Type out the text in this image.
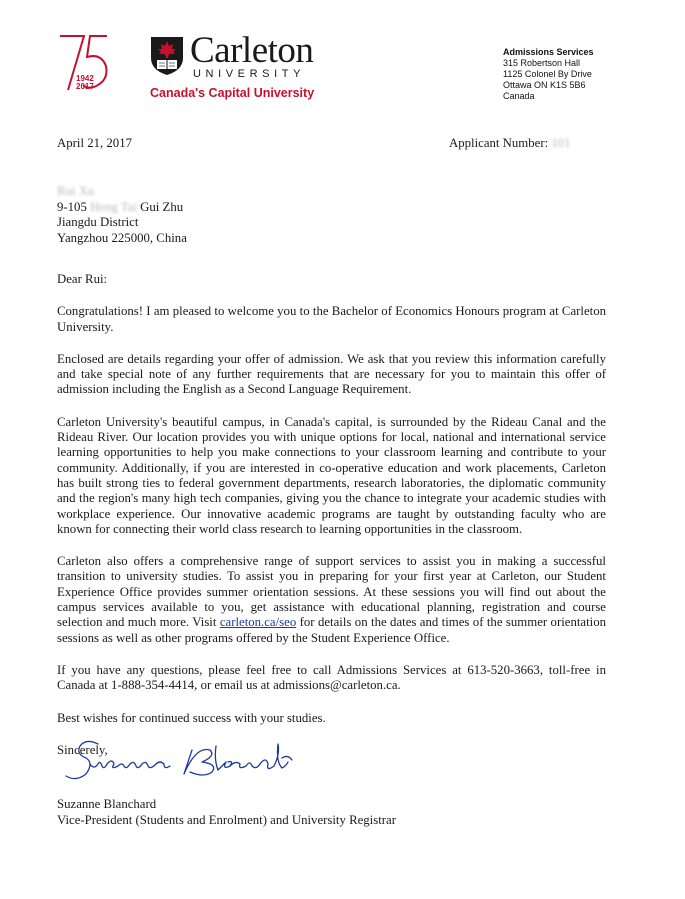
75
1942
2017
Carleton
UNIVERSITY
Canada's Capital University
Admissions Services
315 Robertson Hall
1125 Colonel By Drive
Ottawa ON K1S 5B6
Canada
April 21, 2017	Applicant Number: 101
Rui Xu
9-105 Heng Tai Gui Zhu
Jiangdu District
Yangzhou 225000, China

Dear Rui:

Congratulations! I am pleased to welcome you to the Bachelor of Economics Honours program at Carleton University.

Enclosed are details regarding your offer of admission. We ask that you review this information carefully and take special note of any further requirements that are necessary for you to maintain this offer of admission including the English as a Second Language Requirement.

Carleton University's beautiful campus, in Canada's capital, is surrounded by the Rideau Canal and the Rideau River. Our location provides you with unique options for local, national and international service learning opportunities to help you make connections to your classroom learning and contribute to your community. Additionally, if you are interested in co-operative education and work placements, Carleton has built strong ties to federal government departments, research laboratories, the diplomatic community and the region's many high tech companies, giving you the chance to integrate your academic studies with workplace experience. Our innovative academic programs are taught by outstanding faculty who are known for connecting their world class research to learning opportunities in the classroom.

Carleton also offers a comprehensive range of support services to assist you in making a successful transition to university studies. To assist you in preparing for your first year at Carleton, our Student Experience Office provides summer orientation sessions. At these sessions you will find out about the campus services available to you, get assistance with educational planning, registration and course selection and much more. Visit carleton.ca/seo for details on the dates and times of the summer orientation sessions as well as other programs offered by the Student Experience Office.

If you have any questions, please feel free to call Admissions Services at 613-520-3663, toll-free in Canada at 1-888-354-4414, or email us at admissions@carleton.ca.

Best wishes for continued success with your studies.

Sincerely,

Suzanne Blanchard
Vice-President (Students and Enrolment) and University Registrar
